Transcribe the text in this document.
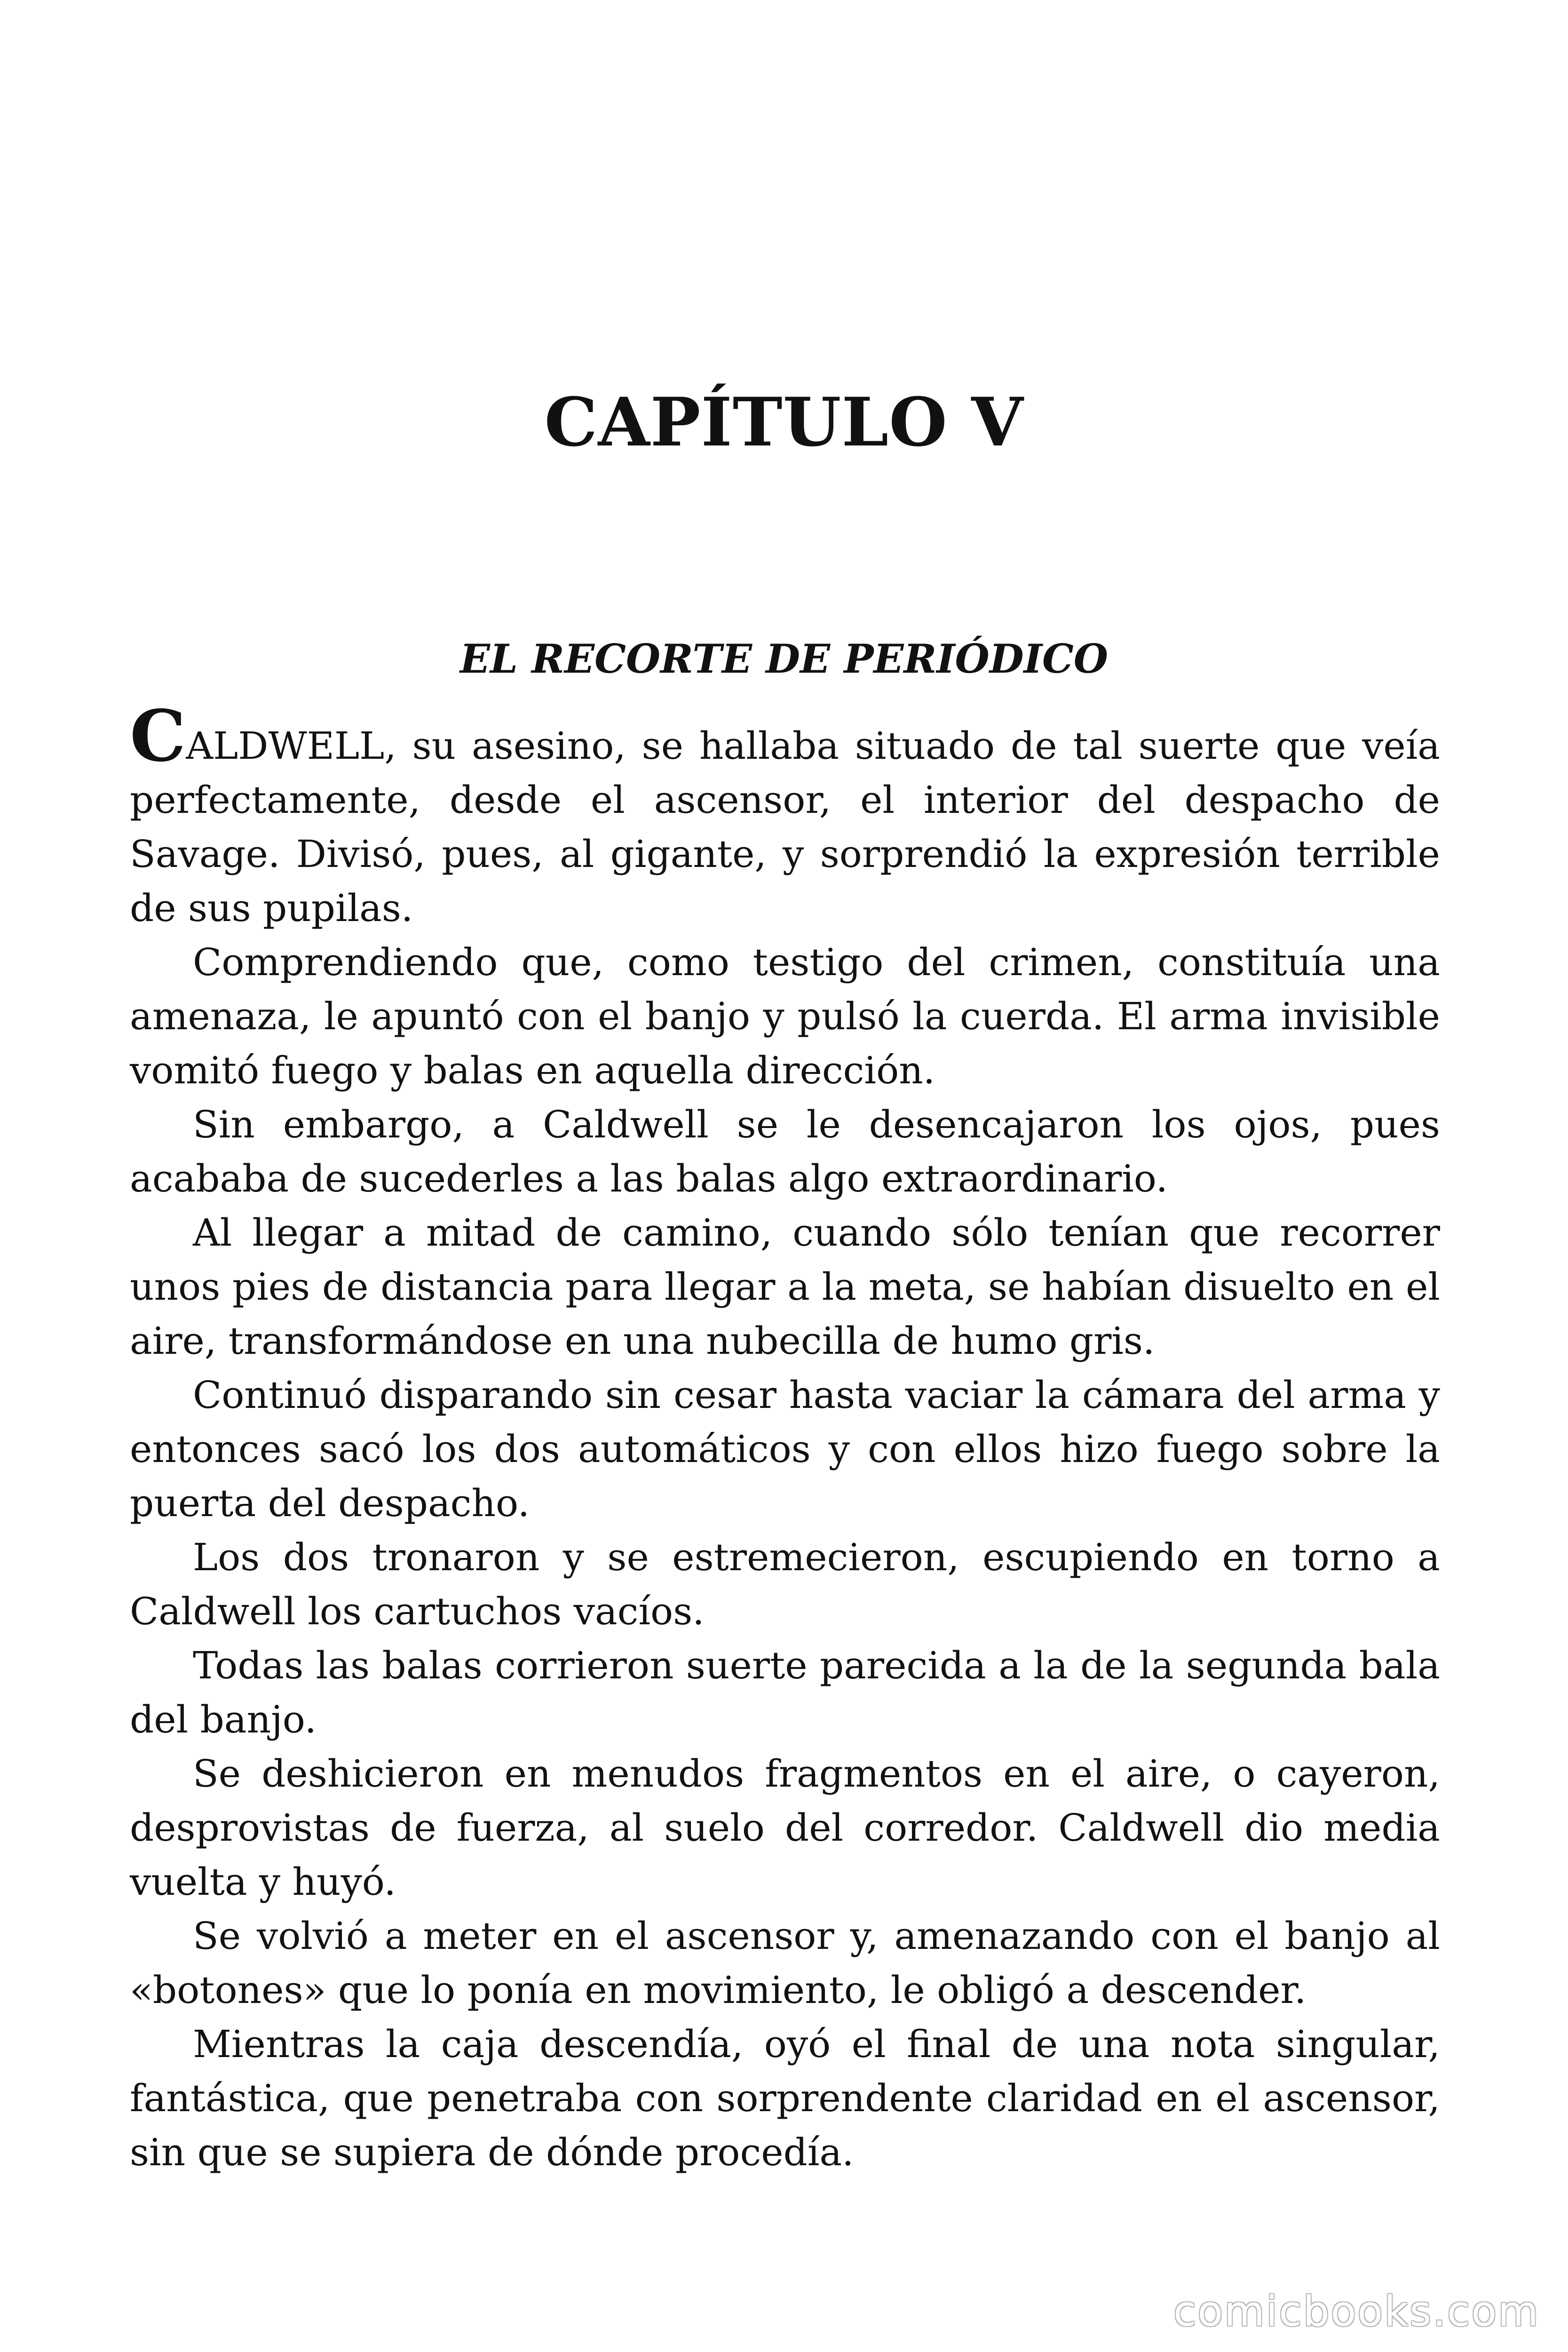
CAPÍTULO V
EL RECORTE DE PERIÓDICO

CALDWELL, su asesino, se hallaba situado de tal suerte que veía perfectamente, desde el ascensor, el interior del despacho de Savage. Divisó, pues, al gigante, y sorprendió la expresión terrible de sus pupilas.

Comprendiendo que, como testigo del crimen, constituía una amenaza, le apuntó con el banjo y pulsó la cuerda. El arma invisible vomitó fuego y balas en aquella dirección.

Sin embargo, a Caldwell se le desencajaron los ojos, pues acababa de sucederles a las balas algo extraordinario.

Al llegar a mitad de camino, cuando sólo tenían que recorrer unos pies de distancia para llegar a la meta, se habían disuelto en el aire, transformándose en una nubecilla de humo gris.

Continuó disparando sin cesar hasta vaciar la cámara del arma y entonces sacó los dos automáticos y con ellos hizo fuego sobre la puerta del despacho.

Los dos tronaron y se estremecieron, escupiendo en torno a Caldwell los cartuchos vacíos.

Todas las balas corrieron suerte parecida a la de la segunda bala del banjo.

Se deshicieron en menudos fragmentos en el aire, o cayeron, desprovistas de fuerza, al suelo del corredor. Caldwell dio media vuelta y huyó.

Se volvió a meter en el ascensor y, amenazando con el banjo al «botones» que lo ponía en movimiento, le obligó a descender.

Mientras la caja descendía, oyó el final de una nota singular, fantástica, que penetraba con sorprendente claridad en el ascensor, sin que se supiera de dónde procedía.

comicbooks.com
